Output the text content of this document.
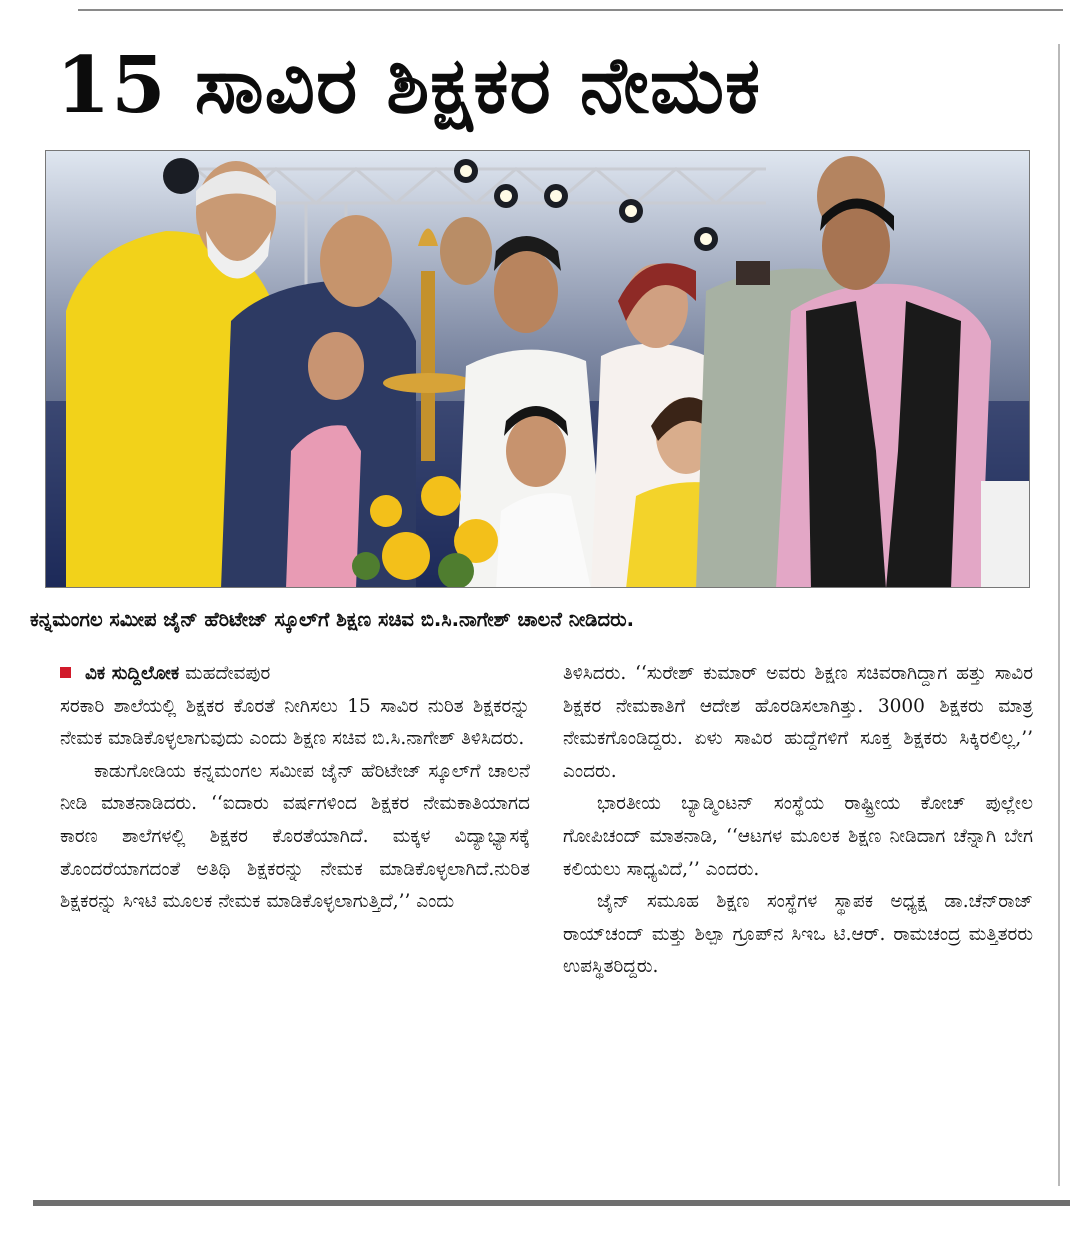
15 ಸಾವಿರ ಶಿಕ್ಷಕರ ನೇಮಕ
ಕನ್ನಮಂಗಲ ಸಮೀಪ ಜೈನ್ ಹೆರಿಟೇಜ್ ಸ್ಕೂಲ್‌ಗೆ ಶಿಕ್ಷಣ ಸಚಿವ ಬಿ.ಸಿ.ನಾಗೇಶ್ ಚಾಲನೆ ನೀಡಿದರು.
ವಿಕ ಸುದ್ದಿಲೋಕ ಮಹದೇವಪುರ

ಸರಕಾರಿ ಶಾಲೆಯಲ್ಲಿ ಶಿಕ್ಷಕರ ಕೊರತೆ ನೀಗಿಸಲು 15 ಸಾವಿರ ನುರಿತ ಶಿಕ್ಷಕರನ್ನು ನೇಮಕ ಮಾಡಿಕೊಳ್ಳಲಾಗುವುದು ಎಂದು ಶಿಕ್ಷಣ ಸಚಿವ ಬಿ.ಸಿ.ನಾಗೇಶ್ ತಿಳಿಸಿದರು.

ಕಾಡುಗೋಡಿಯ ಕನ್ನಮಂಗಲ ಸಮೀಪ ಜೈನ್ ಹೆರಿಟೇಜ್ ಸ್ಕೂಲ್‌ಗೆ ಚಾಲನೆ ನೀಡಿ ಮಾತನಾಡಿದರು. ‘‘ಐದಾರು ವರ್ಷಗಳಿಂದ ಶಿಕ್ಷಕರ ನೇಮಕಾತಿಯಾಗದ ಕಾರಣ ಶಾಲೆಗಳಲ್ಲಿ ಶಿಕ್ಷಕರ ಕೊರತೆಯಾಗಿದೆ. ಮಕ್ಕಳ ವಿದ್ಯಾಭ್ಯಾಸಕ್ಕೆ ತೊಂದರೆಯಾಗದಂತೆ ಅತಿಥಿ ಶಿಕ್ಷಕರನ್ನು ನೇಮಕ ಮಾಡಿಕೊಳ್ಳಲಾಗಿದೆ.ನುರಿತ ಶಿಕ್ಷಕರನ್ನು ಸಿಇಟಿ ಮೂಲಕ ನೇಮಕ ಮಾಡಿಕೊಳ್ಳಲಾಗುತ್ತಿದೆ,’’ ಎಂದು

ತಿಳಿಸಿದರು. ‘‘ಸುರೇಶ್ ಕುಮಾರ್ ಅವರು ಶಿಕ್ಷಣ ಸಚಿವರಾಗಿದ್ದಾಗ ಹತ್ತು ಸಾವಿರ ಶಿಕ್ಷಕರ ನೇಮಕಾತಿಗೆ ಆದೇಶ ಹೊರಡಿಸಲಾಗಿತ್ತು. 3000 ಶಿಕ್ಷಕರು ಮಾತ್ರ ನೇಮಕಗೊಂಡಿದ್ದರು. ಏಳು ಸಾವಿರ ಹುದ್ದೆಗಳಿಗೆ ಸೂಕ್ತ ಶಿಕ್ಷಕರು ಸಿಕ್ಕಿರಲಿಲ್ಲ,’’ ಎಂದರು.

ಭಾರತೀಯ ಬ್ಯಾಡ್ಮಿಂಟನ್ ಸಂಸ್ಥೆಯ ರಾಷ್ಟ್ರೀಯ ಕೋಚ್ ಪುಲ್ಲೇಲ ಗೋಪಿಚಂದ್ ಮಾತನಾಡಿ, ‘‘ಆಟಗಳ ಮೂಲಕ ಶಿಕ್ಷಣ ನೀಡಿದಾಗ ಚೆನ್ನಾಗಿ ಬೇಗ ಕಲಿಯಲು ಸಾಧ್ಯವಿದೆ,’’ ಎಂದರು.

ಜೈನ್ ಸಮೂಹ ಶಿಕ್ಷಣ ಸಂಸ್ಥೆಗಳ ಸ್ಥಾಪಕ ಅಧ್ಯಕ್ಷ ಡಾ.ಚೆನ್‌ರಾಜ್ ರಾಯ್‌ಚಂದ್ ಮತ್ತು ಶಿಲ್ಪಾ ಗ್ರೂಪ್‌ನ ಸಿಇಒ ಟಿ.ಆರ್. ರಾಮಚಂದ್ರ ಮತ್ತಿತರರು ಉಪಸ್ಥಿತರಿದ್ದರು.
